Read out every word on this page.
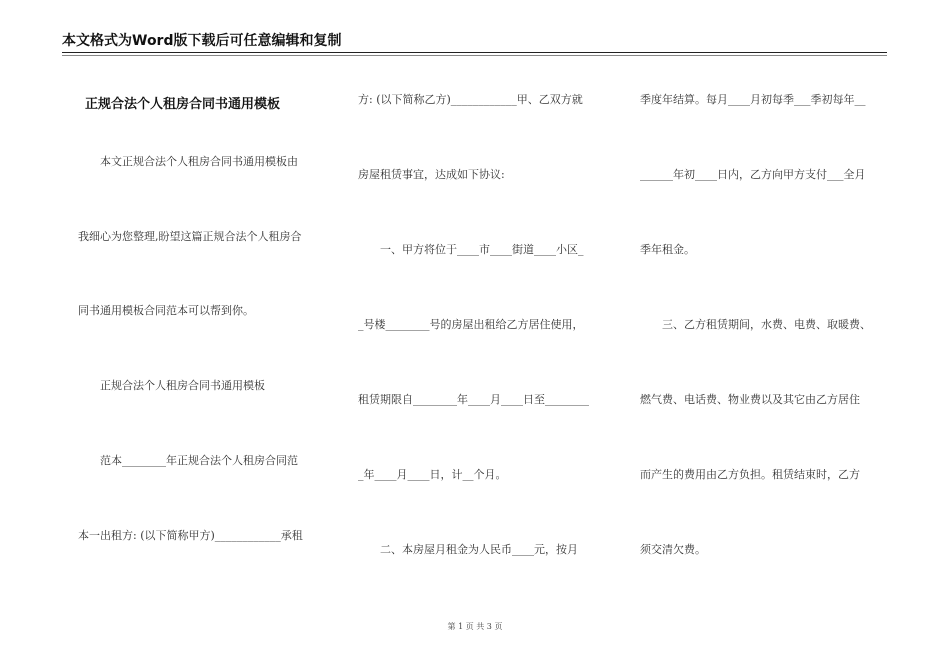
本文格式为Word版下载后可任意编辑和复制
正规合法个人租房合同书通用模板
本文正规合法个人租房合同书通用模板由
我细心为您整理,盼望这篇正规合法个人租房合
同书通用模板合同范本可以帮到你。
正规合法个人租房合同书通用模板
范本________年正规合法个人租房合同范
本一出租方: (以下简称甲方)____________承租
方: (以下简称乙方)____________甲、乙双方就
房屋租赁事宜，达成如下协议:
一、甲方将位于____市____街道____小区_
_号楼________号的房屋出租给乙方居住使用，
租赁期限自________年____月____日至________
_年____月____日，计__个月。
二、本房屋月租金为人民币____元，按月
季度年结算。每月____月初每季___季初每年__
______年初____日内，乙方向甲方支付___全月
季年租金。
三、乙方租赁期间，水费、电费、取暖费、
燃气费、电话费、物业费以及其它由乙方居住
而产生的费用由乙方负担。租赁结束时，乙方
须交清欠费。
第 1 页 共 3 页
